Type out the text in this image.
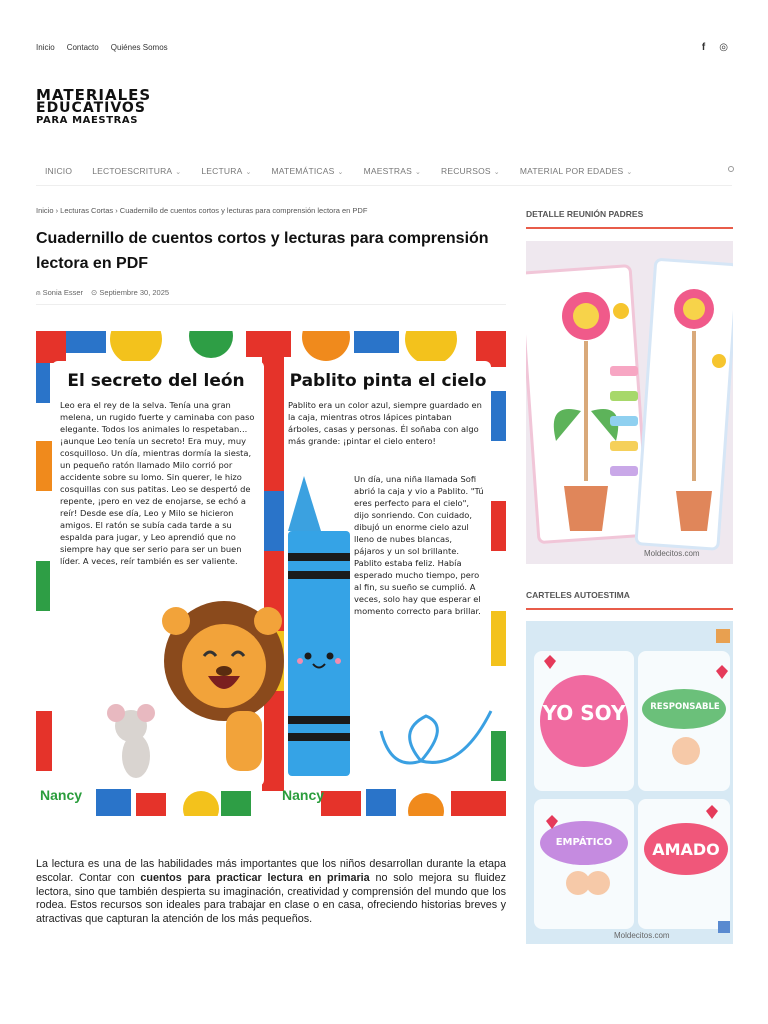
Inicio Contacto Quiénes Somos	f ◎
MATERIALES
EDUCATIVOS
PARA MAESTRAS
INICIO LECTOESCRITURA ⌄ LECTURA ⌄ MATEMÁTICAS ⌄ MAESTRAS ⌄ RECURSOS ⌄ MATERIAL POR EDADES ⌄
Inicio › Lecturas Cortas › Cuadernillo de cuentos cortos y lecturas para comprensión lectora en PDF
Cuadernillo de cuentos cortos y lecturas para comprensión lectora en PDF
⍝ Sonia Esser ⊙ Septiembre 30, 2025
El secreto del león
Leo era el rey de la selva. Tenía una gran melena, un rugido fuerte y caminaba con paso elegante. Todos los animales lo respetaban... ¡aunque Leo tenía un secreto! Era muy, muy cosquilloso. Un día, mientras dormía la siesta, un pequeño ratón llamado Milo corrió por accidente sobre su lomo. Sin querer, le hizo cosquillas con sus patitas. Leo se despertó de repente, ¡pero en vez de enojarse, se echó a reír! Desde ese día, Leo y Milo se hicieron amigos. El ratón se subía cada tarde a su espalda para jugar, y Leo aprendió que no siempre hay que ser serio para ser un buen líder. A veces, reír también es ser valiente.
Pablito pinta el cielo
Pablito era un color azul, siempre guardado en la caja, mientras otros lápices pintaban árboles, casas y personas. Él soñaba con algo más grande: ¡pintar el cielo entero!
Un día, una niña llamada Sofi abrió la caja y vio a Pablito. "Tú eres perfecto para el cielo", dijo sonriendo. Con cuidado, dibujó un enorme cielo azul lleno de nubes blancas, pájaros y un sol brillante. Pablito estaba feliz. Había esperado mucho tiempo, pero al fin, su sueño se cumplió. A veces, solo hay que esperar el momento correcto para brillar.
Nancy	Nancy

La lectura es una de las habilidades más importantes que los niños desarrollan durante la etapa escolar. Contar con cuentos para practicar lectura en primaria no solo mejora su fluidez lectora, sino que también despierta su imaginación, creatividad y comprensión del mundo que los rodea. Estos recursos son ideales para trabajar en clase o en casa, ofreciendo historias breves y atractivas que capturan la atención de los más pequeños.

DETALLE REUNIÓN PADRES
Moldecitos.com
CARTELES AUTOESTIMA
YO SOY	RESPONSABLE
EMPÁTICO	AMADO
Moldecitos.com
